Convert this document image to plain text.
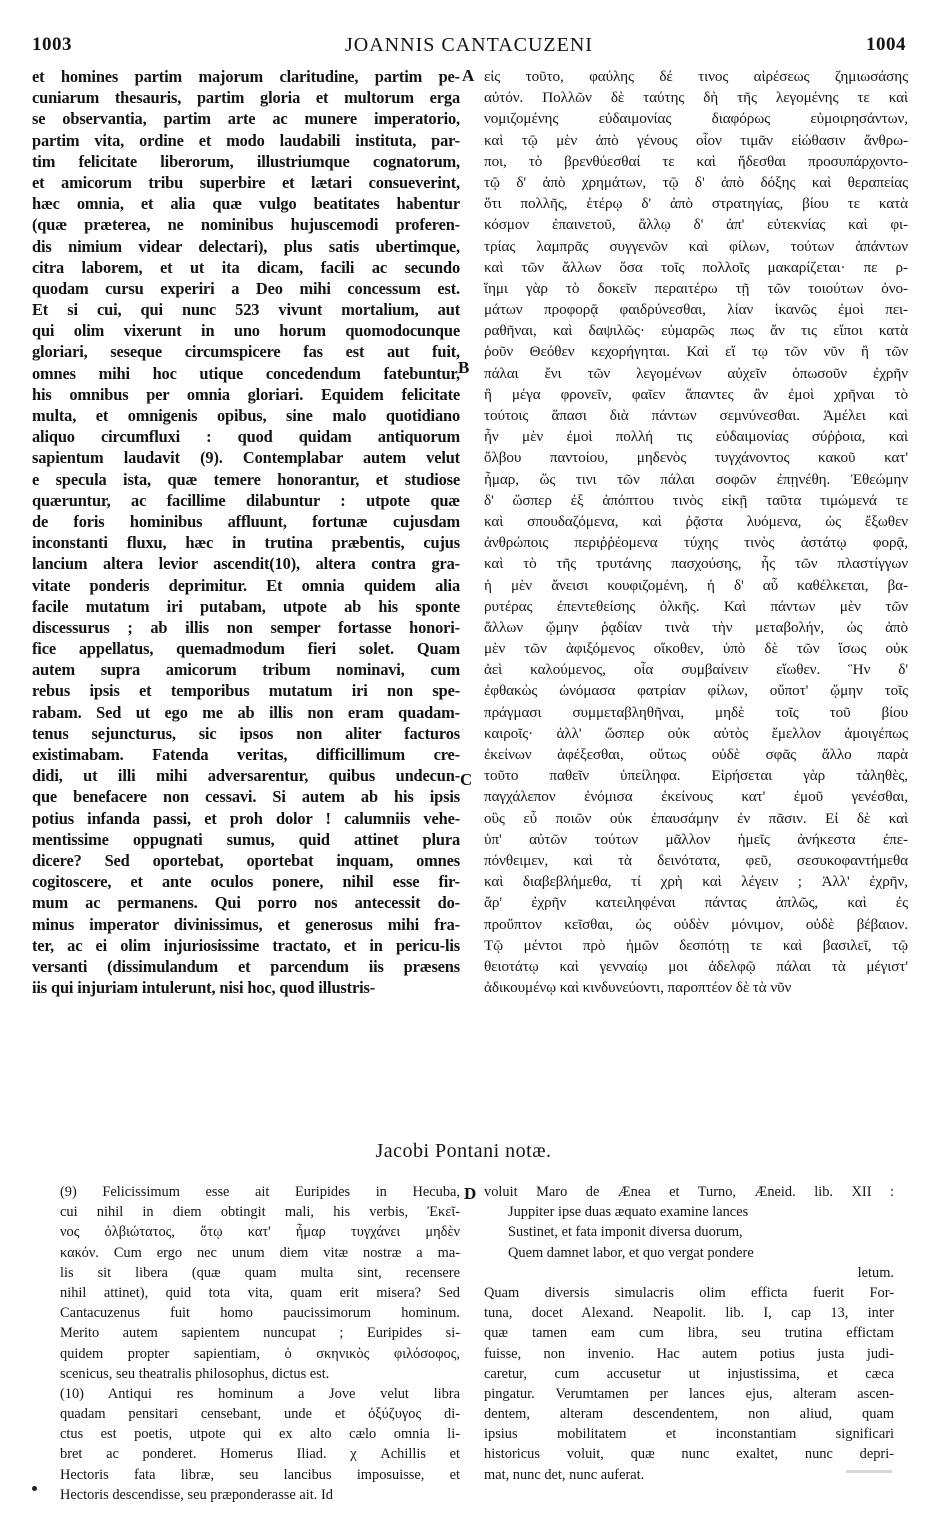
1003	JOANNIS CANTACUZENI	1004
et homines partim majorum claritudine, partim pe-
cuniarum thesauris, partim gloria et multorum erga
se observantia, partim arte ac munere imperatorio,
partim vita, ordine et modo laudabili instituta, par-
tim felicitate liberorum, illustriumque cognatorum,
et amicorum tribu superbire et lætari consueverint,
hæc omnia, et alia quæ vulgo beatitates habentur
(quæ præterea, ne nominibus hujuscemodi proferen-
dis nimium videar delectari), plus satis ubertimque,
citra laborem, et ut ita dicam, facili ac secundo
quodam cursu experiri a Deo mihi concessum est.
Et si cui, qui nunc 523 vivunt mortalium, aut
qui olim vixerunt in uno horum quomodocunque
gloriari, seseque circumspicere fas est aut fuit,
omnes mihi hoc utique concedendum fatebuntur,
his omnibus per omnia gloriari. Equidem felicitate
multa, et omnigenis opibus, sine malo quotidiano
aliquo circumfluxi : quod quidam antiquorum
sapientum laudavit (9). Contemplabar autem velut
e specula ista, quæ temere honorantur, et studiose
quæruntur, ac facillime dilabuntur : utpote quæ
de foris hominibus affluunt, fortunæ cujusdam
inconstanti fluxu, hæc in trutina præbentis, cujus
lancium altera levior ascendit(10), altera contra gra-
vitate ponderis deprimitur. Et omnia quidem alia
facile mutatum iri putabam, utpote ab his sponte
discessurus ; ab illis non semper fortasse honori-
fice appellatus, quemadmodum fieri solet. Quam
autem supra amicorum tribum nominavi, cum
rebus ipsis et temporibus mutatum iri non spe-
rabam. Sed ut ego me ab illis non eram quadam-
tenus sejuncturus, sic ipsos non aliter facturos
existimabam. Fatenda veritas, difficillimum cre-
didi, ut illi mihi adversarentur, quibus undecun-
que benefacere non cessavi. Si autem ab his ipsis
potius infanda passi, et proh dolor ! calumniis vehe-
mentissime oppugnati sumus, quid attinet plura
dicere? Sed oportebat, oportebat inquam, omnes
cogitoscere, et ante oculos ponere, nihil esse fir-
mum ac permanens. Qui porro nos antecessit do-
minus imperator divinissimus, et generosus mihi fra-
ter, ac ei olim injuriosissime tractato, et in pericu-lis
versanti (dissimulandum et parcendum iis præsens
iis qui injuriam intulerunt, nisi hoc, quod illustris-
εἰς τοῦτο, φαύλης δέ τινος αἱρέσεως ζημιωσάσης
αὐτόν. Πολλῶν δὲ ταύτης δὴ τῆς λεγομένης τε καὶ
νομιζομένης εὐδαιμονίας διαφόρως εὐμοιρησάντων,
καὶ τῷ μὲν ἀπὸ γένους οἷον τιμᾶν εἰώθασιν ἄνθρω-
ποι, τὸ βρενθύεσθαί τε καὶ ἥδεσθαι προσυπάρχοντο-
τῷ δ' ἀπὸ χρημάτων, τῷ δ' ἀπὸ δόξης καὶ θεραπείας
ὅτι πολλῆς, ἑτέρῳ δ' ἀπὸ στρατηγίας, βίου τε κατὰ
κόσμον ἐπαινετοῦ, ἄλλῳ δ' ἀπ' εὐτεκνίας καὶ φι-
τρίας λαμπρᾶς συγγενῶν καὶ φίλων, τούτων ἁπάντων
καὶ τῶν ἄλλων ὅσα τοῖς πολλοῖς μακαρίζεται· πε ρ-
ἵημι γὰρ τὸ δοκεῖν περαιτέρω τῇ τῶν τοιούτων ὀνο-
μάτων προφορᾷ φαιδρύνεσθαι, λίαν ἱκανῶς ἐμοὶ πει-
ραθῆναι, καὶ δαψιλῶς· εὐμαρῶς πως ἄν τις εἴποι κατὰ
ῥοῦν Θεόθεν κεχορήγηται. Καὶ εἴ τῳ τῶν νῦν ἢ τῶν
πάλαι ἔνι τῶν λεγομένων αὐχεῖν ὁπωσοῦν ἐχρῆν
ἢ μέγα φρονεῖν, φαῖεν ἅπαντες ἂν ἐμοὶ χρῆναι τὸ
τούτοις ἅπασι διὰ πάντων σεμνύνεσθαι. Ἀμέλει καὶ
ἦν μὲν ἐμοὶ πολλή τις εὐδαιμονίας σύῤῥοια, καὶ
ὄλβου παντοίου, μηδενὸς τυγχάνοντος κακοῦ κατ'
ἦμαρ, ὥς τινι τῶν πάλαι σοφῶν ἐπῃνέθη. Ἐθεώμην
δ' ὥσπερ ἐξ ἀπόπτου τινὸς εἰκῇ ταῦτα τιμώμενά τε
καὶ σπουδαζόμενα, καὶ ῥᾷστα λυόμενα, ὡς ἔξωθεν
ἀνθρώποις περιῤῥέομενα τύχης τινὸς ἀστάτῳ φορᾷ,
καὶ τὸ τῆς τρυτάνης πασχούσης, ἧς τῶν πλαστίγγων
ἡ μὲν ἄνεισι κουφιζομένη, ἡ δ' αὖ καθέλκεται, βα-
ρυτέρας ἐπεντεθείσης ὁλκῆς. Καὶ πάντων μὲν τῶν
ἄλλων ᾤμην ῥᾳδίαν τινὰ τὴν μεταβολήν, ὡς ἀπὸ
μὲν τῶν ἀφιξόμενος οἴκοθεν, ὑπὸ δὲ τῶν ἴσως οὐκ
ἀεὶ καλούμενος, οἷα συμβαίνειν εἴωθεν. Ἣν δ'
ἐφθακὼς ὠνόμασα φατρίαν φίλων, οὔποτ' ᾤμην τοῖς
πράγμασι συμμεταβληθῆναι, μηδὲ τοῖς τοῦ βίου
καιροῖς· ἀλλ' ὥσπερ οὐκ αὐτὸς ἔμελλον ἀμοιγέπως
ἐκείνων ἀφέξεσθαι, οὕτως οὐδὲ σφᾶς ἄλλο παρὰ
τοῦτο παθεῖν ὑπείληφα. Εἰρήσεται γὰρ τἀληθὲς,
παγχάλεπον ἐνόμισα ἐκείνους κατ' ἐμοῦ γενέσθαι,
οὓς εὖ ποιῶν οὐκ ἐπαυσάμην ἐν πᾶσιν. Εἰ δὲ καὶ
ὑπ' αὐτῶν τούτων μᾶλλον ἡμεῖς ἀνήκεστα ἐπε-
πόνθειμεν, καὶ τὰ δεινότατα, φεῦ, σεσυκοφαντήμεθα
καὶ διαβεβλήμεθα, τί χρὴ καὶ λέγειν ; Ἀλλ' ἐχρῆν,
ἄρ' ἐχρῆν κατειληφέναι πάντας ἁπλῶς, καὶ ἐς
προὔπτον κεῖσθαι, ὡς οὐδὲν μόνιμον, οὐδὲ βέβαιον.
Τῷ μέντοι πρὸ ἡμῶν δεσπότῃ τε καὶ βασιλεῖ, τῷ
θειοτάτῳ καὶ γενναίῳ μοι ἀδελφῷ πάλαι τὰ μέγιστ'
ἀδικουμένῳ καὶ κινδυνεύοντι, παροπτέον δὲ τὰ νῦν
A
B
C
D
Jacobi Pontani notæ.
(9) Felicissimum esse ait Euripides in Hecuba,
cui nihil in diem obtingit mali, his verbis, Ἐκεῖ-
νος ὀλβιώτατος, ὅτῳ κατ' ἦμαρ τυγχάνει μηδὲν
κακόν. Cum ergo nec unum diem vitæ nostræ a ma-
lis sit libera (quæ quam multa sint, recensere
nihil attinet), quid tota vita, quam erit misera? Sed
Cantacuzenus fuit homo paucissimorum hominum.
Merito autem sapientem nuncupat ; Euripides si-
quidem propter sapientiam, ὁ σκηνικὸς φιλόσοφος,
scenicus, seu theatralis philosophus, dictus est.
(10) Antiqui res hominum a Jove velut libra
quadam pensitari censebant, unde et ὀξύζυγος di-
ctus est poetis, utpote qui ex alto cælo omnia li-
bret ac ponderet. Homerus Iliad. χ Achillis et
Hectoris fata libræ, seu lancibus imposuisse, et
Hectoris descendisse, seu præponderasse ait. Id
voluit Maro de Ænea et Turno, Æneid. lib. XII :
Juppiter ipse duas æquato examine lances
Sustinet, et fata imponit diversa duorum,
Quem damnet labor, et quo vergat pondere
letum.
Quam diversis simulacris olim efficta fuerit For-
tuna, docet Alexand. Neapolit. lib. I, cap 13, inter
quæ tamen eam cum libra, seu trutina effictam
fuisse, non invenio. Hac autem potius justa judi-
caretur, cum accusetur ut injustissima, et cæca
pingatur. Verumtamen per lances ejus, alteram ascen-
dentem, alteram descendentem, non aliud, quam
ipsius mobilitatem et inconstantiam significari
historicus voluit, quæ nunc exaltet, nunc depri-
mat, nunc det, nunc auferat.
